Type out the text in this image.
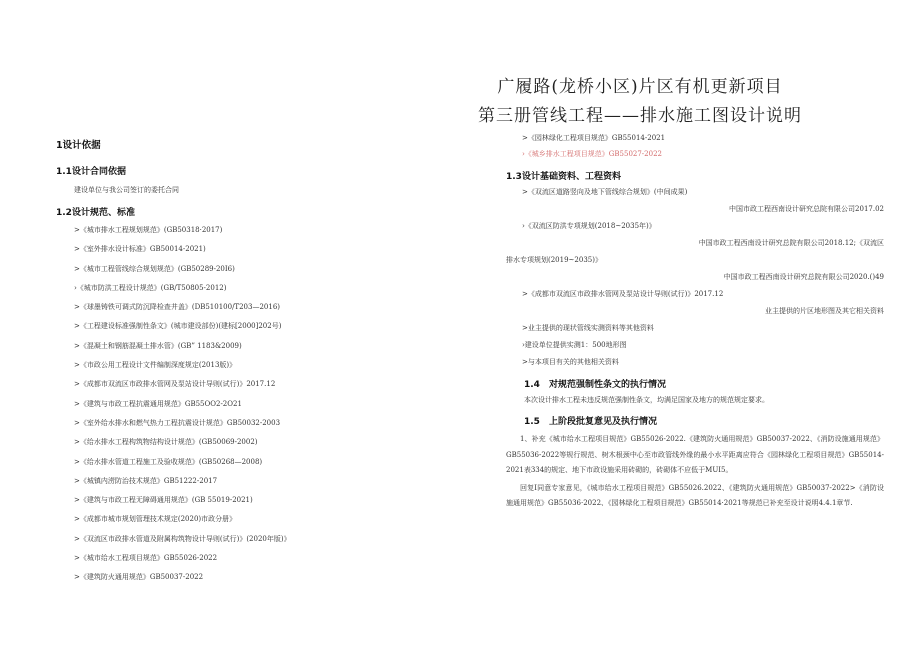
广履路(龙桥小区)片区有机更新项目
第三册管线工程——排水施工图设计说明
1设计依据
1.1设计合同依据
建设单位与我公司签订的委托合同
1.2设计规范、标准
>《城市排水工程规划规范》(GB50318·2017)
>《室外排水设计标准》GB50014-2021)
>《城市工程管线综合规划规范》(GB50289-20I6)
›《城市防洪工程设计规范》(GB/T50805-2012)
>《球墨铸铁可调式防沉降检查井盖》(DB510100/T203—2016)
>《工程建设标准强制性条文》(城市建设部份)(建标[2000]202号)
>《混凝土和钢筋混凝土排水管》(GB” 1183&2009)
>《市政公用工程设计文件编制深度规定(2013版)》
>《成都市双流区市政排水管网及泵站设计导则(试行)》2017.12
>《建筑与市政工程抗震通用规范》GB55OO2-2O21
>《室外给水排水和燃气热力工程抗震设计规范》GB50032-2003
>《给水排水工程构筑物结构设计规范》(GB50069-2002)
>《给水排水管道工程施工及验收规范》(GB50268—2008)
>《城镇内涝防治技术规范》GB51222-2017
>《建筑与市政工程无障碍通用规范》(GB 55019-2021)
>《成都市城市规划管理技术规定(2020)市政分册》
>《双流区市政排水管道及附属构筑物设计导则(试行)》(2020年版)》
>《城市给水工程项目规范》GB55026-2022
>《建筑防火通用规范》GB50037-2022
>《园林绿化工程项目规范》GB55014-2021
›《城乡排水工程项目规范》GB55027-2022
1.3设计基础资料、工程资料
>《双流区道路竖向及地下管线综合规划》(中间成果)
中国市政工程西南设计研究总院有限公司2017.02
›《双流区防洪专项规划(2018~2035年)》
中国市政工程西南设计研究总院有限公司2018.12;《双流区
排水专项规划(2019~2035)》
中国市政工程西南设计研究总院有限公司2020.()49
>《成都市双流区市政排水管网及泵站设计导则(试行)》2017.12
业主提供的片区地形图及其它相关资料
>业主提供的现状管线实测资料等其他资料
›建设单位提供实测1：500地形图
>与本项目有关的其他相关资料
1.4　对规范强制性条文的执行情况
本次设计排水工程未违反规范强制性条文，均满足国家及地方的规范规定要求。
1.5　上阶段批复意见及执行情况
1、补充《城市给水工程项目规范》GB55026-2022.《建筑防火通用规范》GB50037-2022、《消防设施通用规范》GB55036-2022等规行规范、树木根颈中心至市政管线外缘的最小水平距离应符合《园林绿化工程项目规范》GB55014-2021表334的规定、地下市政设施采用砖砌的，砖砌体不应低于MUI5。
回复I同意专家意见，《城市给水工程项目规范》GB55026.2022、《建筑防火通用规范》GB50037-2022>《消防设施通用规范》GB55036·2022、《园林绿化工程项目规范》GB55014·2021等规范已补充至设计说明4.4.1章节.
